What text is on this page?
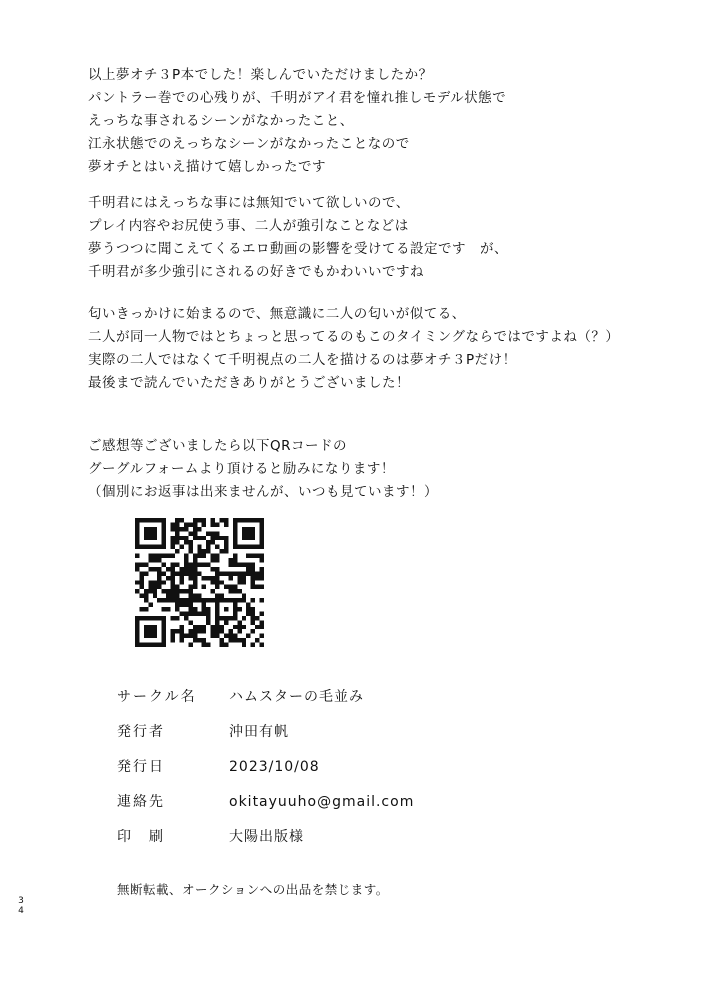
以上夢オチ３P本でした！楽しんでいただけましたか？
パントラー巻での心残りが、千明がアイ君を憧れ推しモデル状態で
えっちな事されるシーンがなかったこと、
江永状態でのえっちなシーンがなかったことなので
夢オチとはいえ描けて嬉しかったです
千明君にはえっちな事には無知でいて欲しいので、
プレイ内容やお尻使う事、二人が強引なことなどは
夢うつつに聞こえてくるエロ動画の影響を受けてる設定です　が、
千明君が多少強引にされるの好きでもかわいいですね
匂いきっかけに始まるので、無意識に二人の匂いが似てる、
二人が同一人物ではとちょっと思ってるのもこのタイミングならではですよね（？）
実際の二人ではなくて千明視点の二人を描けるのは夢オチ３Pだけ！
最後まで読んでいただきありがとうございました！
ご感想等ございましたら以下QRコードの
グーグルフォームより頂けると励みになります！
（個別にお返事は出来ませんが、いつも見ています！）
サークル名 ハムスターの毛並み
発行者	沖田有帆
発行日	2023/10/08
連絡先	okitayuuho@gmail.com
印　刷	大陽出版様
無断転載、オークションへの出品を禁じます。
3
4
